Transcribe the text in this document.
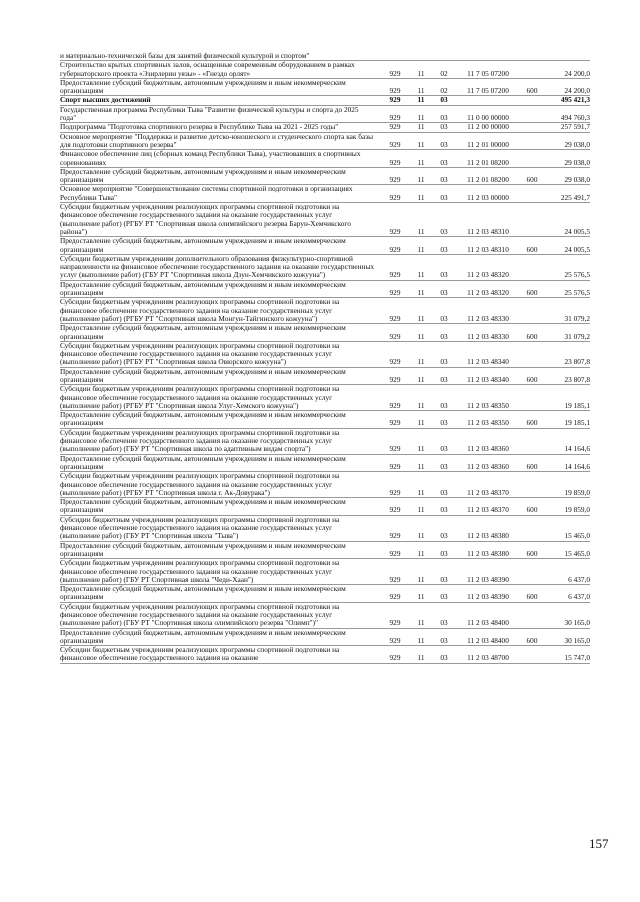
и материально-технической базы для занятий физической культурой и спортом"
Строительство крытых спортивных залов, оснащенные современным оборудованием в рамках губернаторского проекта «Эзирлерин уязы» - «Гнездо орлят»	929	11	02	11 7 05 07200	24 200,0
Предоставление субсидий бюджетным, автономным учреждениям и иным некоммерческим организациям	929	11	02	11 7 05 07200	600	24 200,0
Спорт высших достижений	929	11	03	495 421,3
Государственная программа Республики Тыва "Развитие физической культуры и спорта до 2025 года"	929	11	03	11 0 00 00000	494 760,3
Подпрограмма "Подготовка спортивного резерва в Республике Тыва на 2021 - 2025 годы"	929	11	03	11 2 00 00000	257 591,7
Основное мероприятие "Поддержка и развитие детско-юношеского и студенческого спорта как базы для подготовки спортивного резерва"	929	11	03	11 2 01 00000	29 038,0
Финансовое обеспечение лиц (сборных команд Республики Тыва), участвовавших в спортивных соревнованиях	929	11	03	11 2 01 08200	29 038,0
Предоставление субсидий бюджетным, автономным учреждениям и иным некоммерческим организациям	929	11	03	11 2 01 08200	600	29 038,0
Основное мероприятие "Совершенствование системы спортивной подготовки в организациях Республики Тыва"	929	11	03	11 2 03 00000	225 491,7
Субсидии бюджетным учреждениям реализующих программы спортивной подготовки на финансовое обеспечение государственного задания на оказание государственных услуг (выполнение работ) (РГБУ РТ "Спортивная школа олимпийского резерва Барун-Хемчикского района")	929	11	03	11 2 03 48310	24 005,5
Предоставление субсидий бюджетным, автономным учреждениям и иным некоммерческим организациям	929	11	03	11 2 03 48310	600	24 005,5
Субсидии бюджетным учреждениям дополнительного образования физкультурно-спортивной направленности на финансовое обеспечение государственного задания на оказание государственных услуг (выполнение работ) (ГБУ РТ "Спортивная школа Дзун-Хемчикского кожууна")	929	11	03	11 2 03 48320	25 576,5
Предоставление субсидий бюджетным, автономным учреждениям и иным некоммерческим организациям	929	11	03	11 2 03 48320	600	25 576,5
Субсидии бюджетным учреждениям реализующих программы спортивной подготовки на финансовое обеспечение государственного задания на оказание государственных услуг (выполнение работ) (РГБУ РТ "Спортивная школа Монгун-Тайгинского кожууна")	929	11	03	11 2 03 48330	31 079,2
Предоставление субсидий бюджетным, автономным учреждениям и иным некоммерческим организациям	929	11	03	11 2 03 48330	600	31 079,2
Субсидии бюджетным учреждениям реализующих программы спортивной подготовки на финансовое обеспечение государственного задания на оказание государственных услуг (выполнение работ) (РГБУ РТ "Спортивная школа Овюрского кожууна")	929	11	03	11 2 03 48340	23 807,8
Предоставление субсидий бюджетным, автономным учреждениям и иным некоммерческим организациям	929	11	03	11 2 03 48340	600	23 807,8
Субсидии бюджетным учреждениям реализующих программы спортивной подготовки на финансовое обеспечение государственного задания на оказание государственных услуг (выполнение работ) (РГБУ РТ "Спортивная школа Улуг-Хемского кожууна")	929	11	03	11 2 03 48350	19 185,1
Предоставление субсидий бюджетным, автономным учреждениям и иным некоммерческим организациям	929	11	03	11 2 03 48350	600	19 185,1
Субсидии бюджетным учреждениям реализующих программы спортивной подготовки на финансовое обеспечение государственного задания на оказание государственных услуг (выполнение работ) (ГБУ РТ "Спортивная школа по адаптивным видам спорта")	929	11	03	11 2 03 48360	14 164,6
Предоставление субсидий бюджетным, автономным учреждениям и иным некоммерческим организациям	929	11	03	11 2 03 48360	600	14 164,6
Субсидии бюджетным учреждениям реализующих программы спортивной подготовки на финансовое обеспечение государственного задания на оказание государственных услуг (выполнение работ) (РГБУ РТ "Спортивная школа г. Ак-Довурака")	929	11	03	11 2 03 48370	19 859,0
Предоставление субсидий бюджетным, автономным учреждениям и иным некоммерческим организациям	929	11	03	11 2 03 48370	600	19 859,0
Субсидии бюджетным учреждениям реализующих программы спортивной подготовки на финансовое обеспечение государственного задания на оказание государственных услуг (выполнение работ) (ГБУ РТ "Спортивная школа "Тыва")	929	11	03	11 2 03 48380	15 465,0
Предоставление субсидий бюджетным, автономным учреждениям и иным некоммерческим организациям	929	11	03	11 2 03 48380	600	15 465,0
Субсидии бюджетным учреждениям реализующих программы спортивной подготовки на финансовое обеспечение государственного задания на оказание государственных услуг (выполнение работ) (ГБУ РТ Спортивная школа "Чеди-Хаан")	929	11	03	11 2 03 48390	6 437,0
Предоставление субсидий бюджетным, автономным учреждениям и иным некоммерческим организациям	929	11	03	11 2 03 48390	600	6 437,0
Субсидии бюджетным учреждениям реализующих программы спортивной подготовки на финансовое обеспечение государственного задания на оказание государственных услуг (выполнение работ) (ГБУ РТ "Спортивная школа олимпийского резерва "Олимп")"	929	11	03	11 2 03 48400	30 165,0
Предоставление субсидий бюджетным, автономным учреждениям и иным некоммерческим организациям	929	11	03	11 2 03 48400	600	30 165,0
Субсидии бюджетным учреждениям реализующих программы спортивной подготовки на финансовое обеспечение государственного задания на оказание	929	11	03	11 2 03 48700	15 747,0
157
